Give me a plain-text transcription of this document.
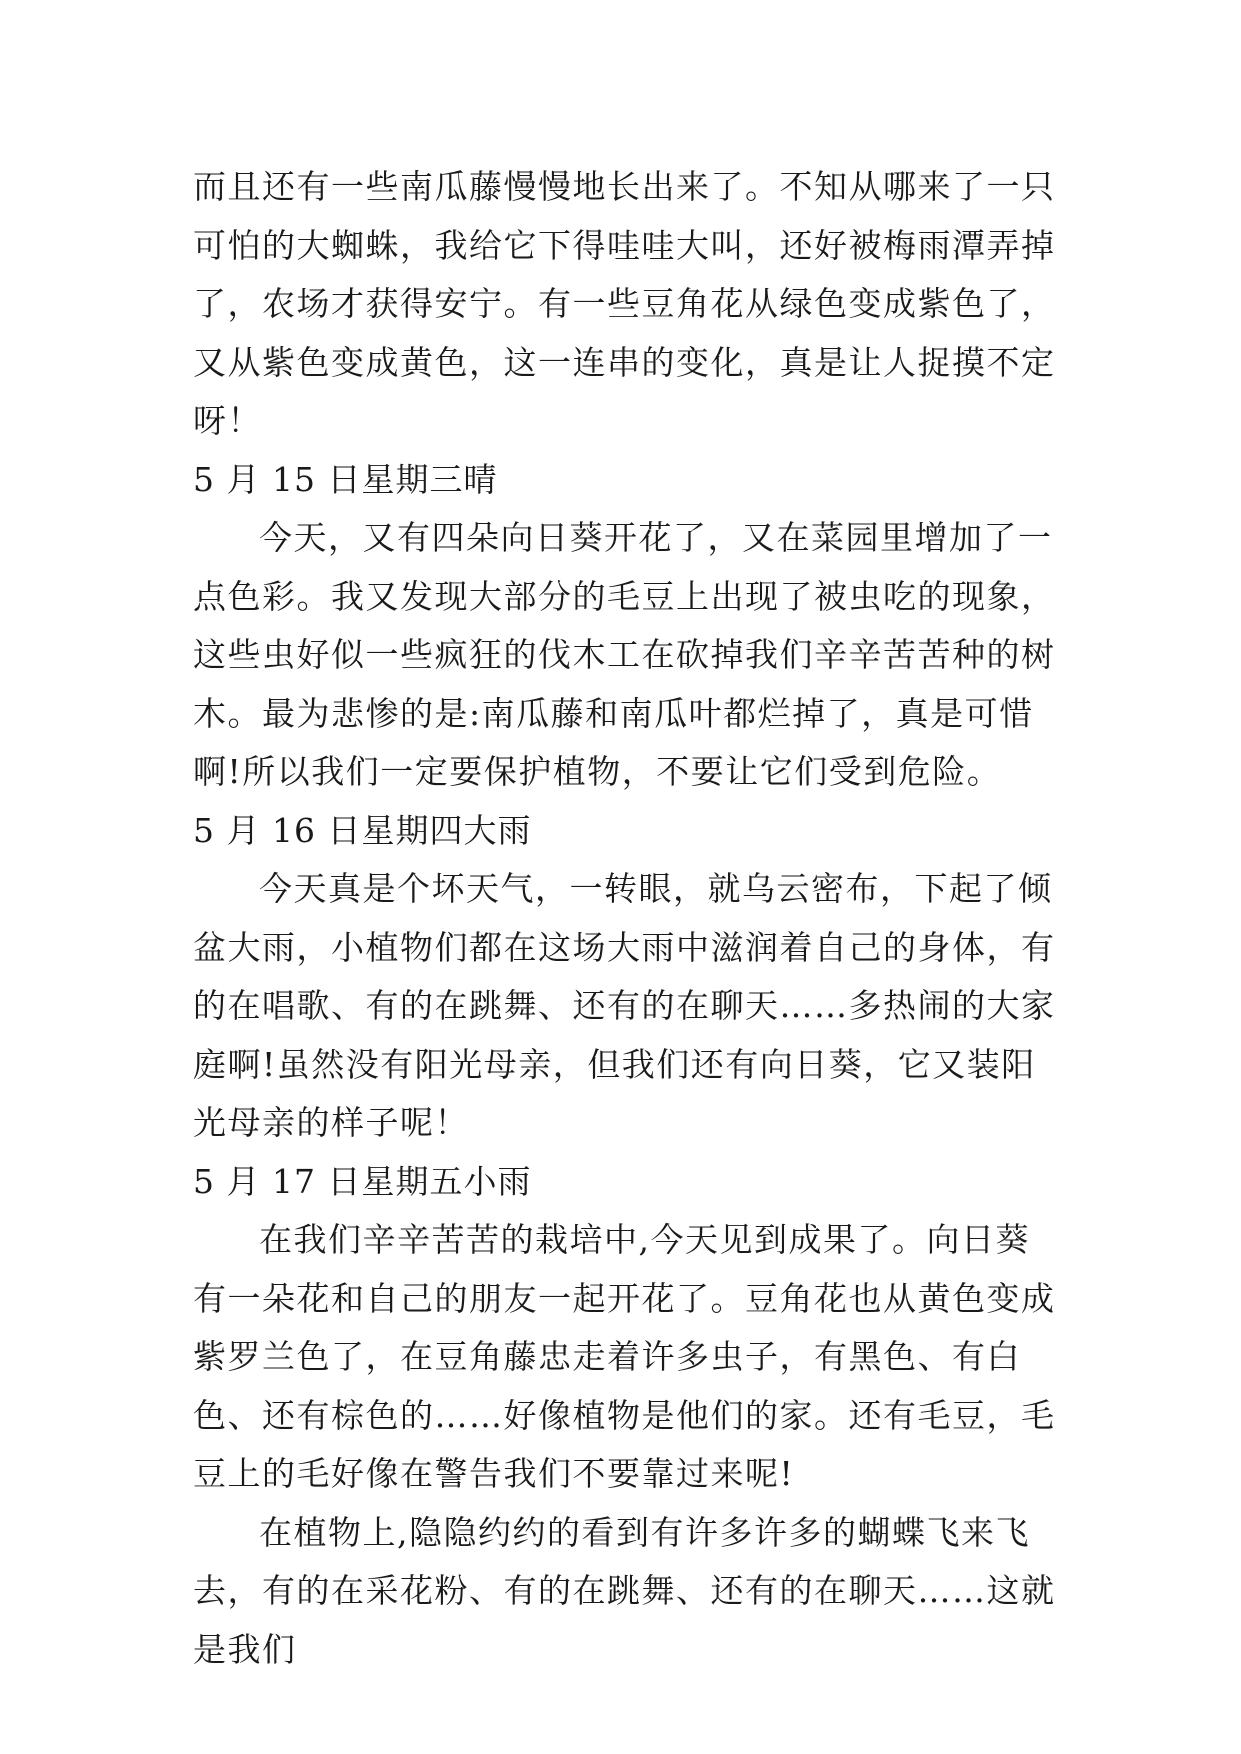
而且还有一些南瓜藤慢慢地长出来了。不知从哪来了一只可怕的大蜘蛛，我给它下得哇哇大叫，还好被梅雨潭弄掉了，农场才获得安宁。有一些豆角花从绿色变成紫色了，又从紫色变成黄色，这一连串的变化，真是让人捉摸不定呀！

5 月 15 日星期三晴

今天，又有四朵向日葵开花了，又在菜园里增加了一点色彩。我又发现大部分的毛豆上出现了被虫吃的现象，这些虫好似一些疯狂的伐木工在砍掉我们辛辛苦苦种的树木。最为悲惨的是:南瓜藤和南瓜叶都烂掉了，真是可惜啊!所以我们一定要保护植物，不要让它们受到危险。

5 月 16 日星期四大雨

今天真是个坏天气，一转眼，就乌云密布，下起了倾盆大雨，小植物们都在这场大雨中滋润着自己的身体，有的在唱歌、有的在跳舞、还有的在聊天……多热闹的大家庭啊!虽然没有阳光母亲，但我们还有向日葵，它又装阳光母亲的样子呢！

5 月 17 日星期五小雨

在我们辛辛苦苦的栽培中,今天见到成果了。向日葵有一朵花和自己的朋友一起开花了。豆角花也从黄色变成紫罗兰色了，在豆角藤忠走着许多虫子，有黑色、有白色、还有棕色的……好像植物是他们的家。还有毛豆，毛豆上的毛好像在警告我们不要靠过来呢!

在植物上,隐隐约约的看到有许多许多的蝴蝶飞来飞去，有的在采花粉、有的在跳舞、还有的在聊天……这就是我们
